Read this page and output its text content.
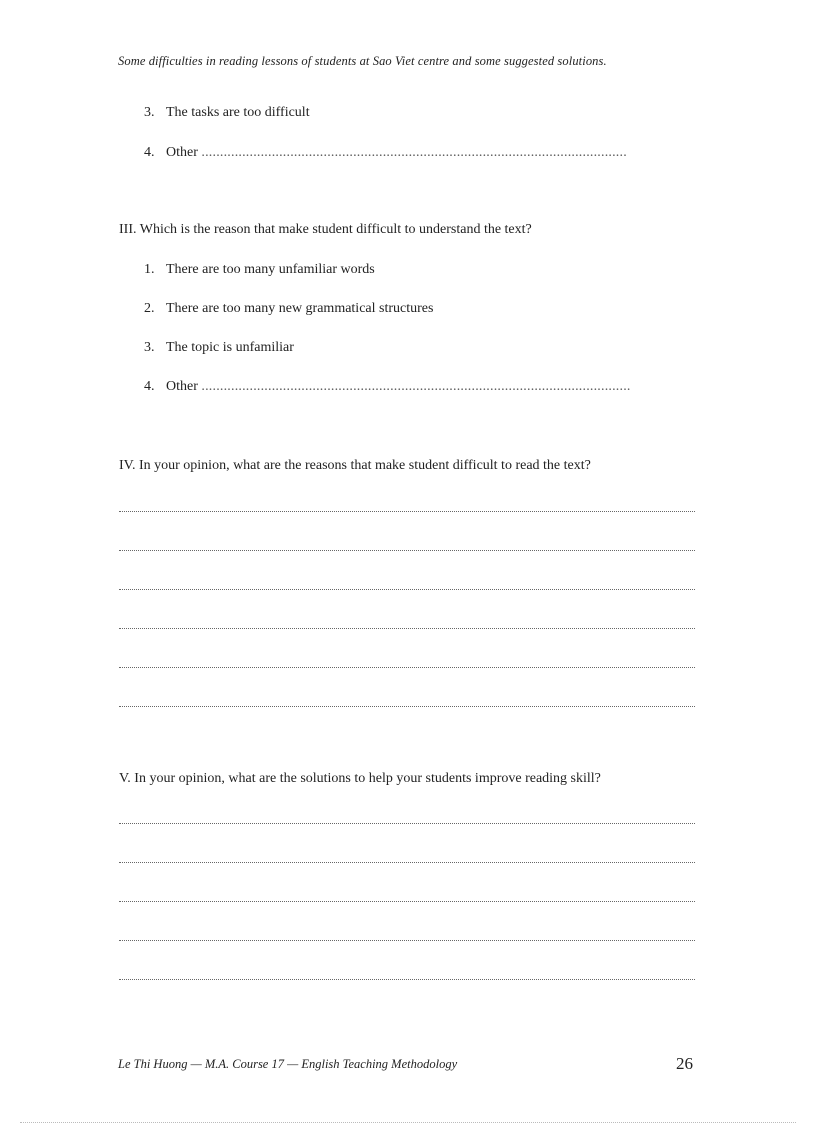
Some difficulties in reading lessons of students at Sao Viet centre and some suggested solutions.
3. The tasks are too difficult
4. Other ...................................................................................................................
III. Which is the reason that make student difficult to understand the text?
1. There are too many unfamiliar words
2. There are too many new grammatical structures
3. The topic is unfamiliar
4. Other ....................................................................................................................
IV. In your opinion, what are the reasons that make student difficult to read the text?
V. In your opinion, what are the solutions to help your students improve reading skill?
Le Thi Huong — M.A. Course 17 — English Teaching Methodology	26
